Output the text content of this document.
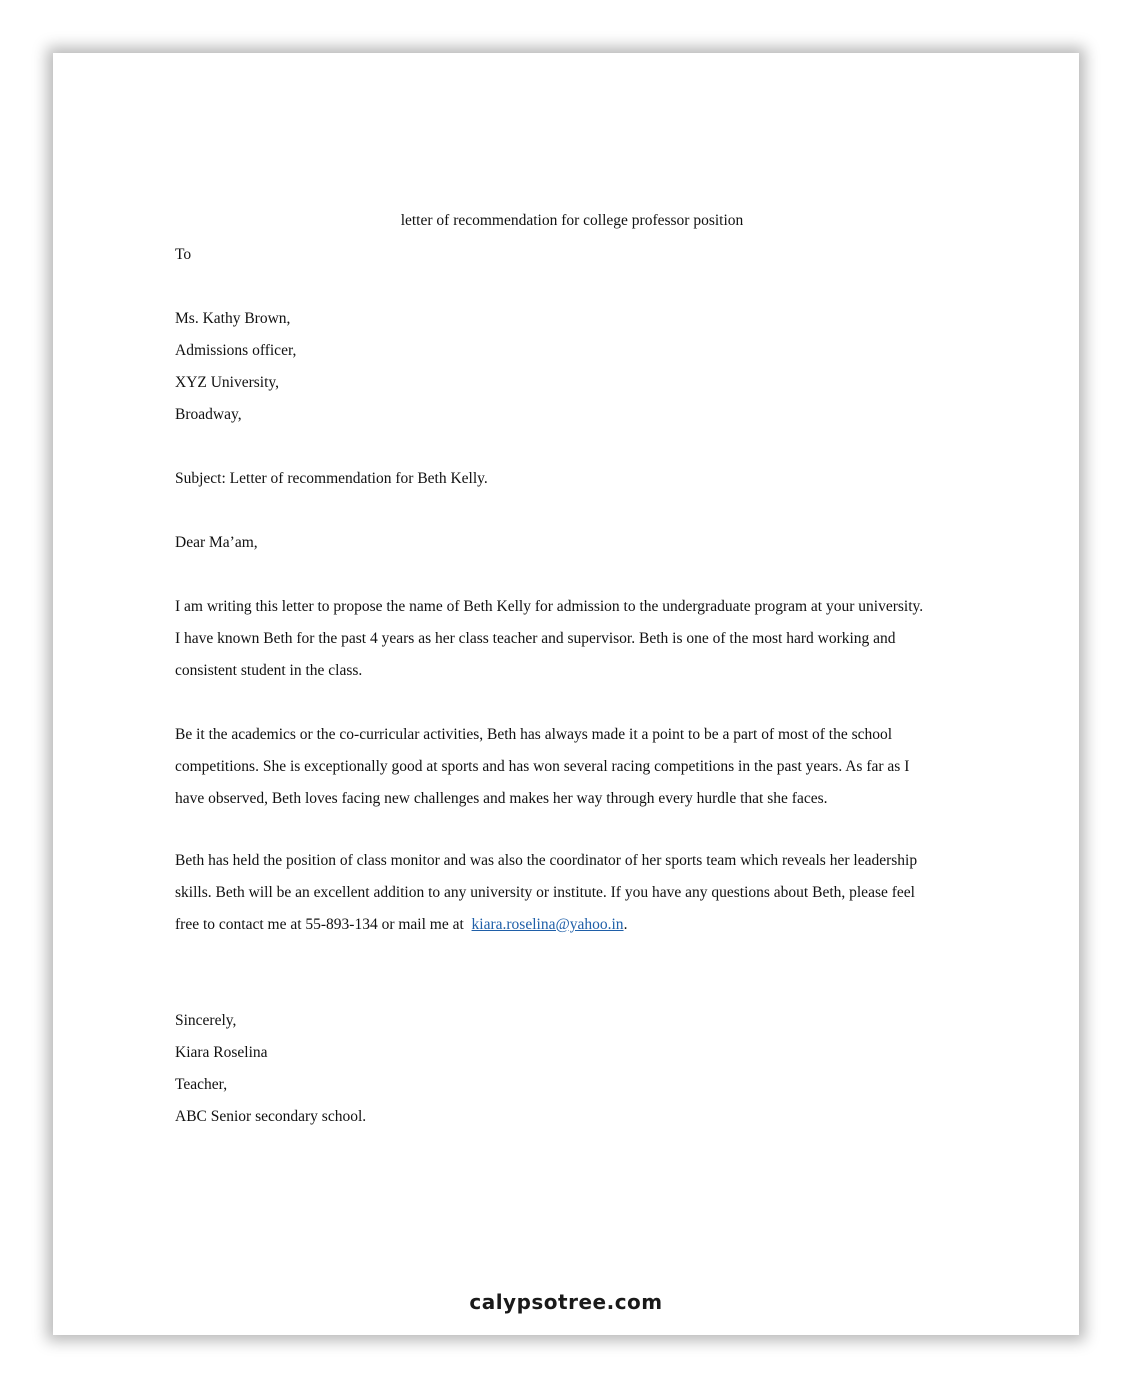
letter of recommendation for college professor position

To

Ms. Kathy Brown,

Admissions officer,

XYZ University,

Broadway,

Subject: Letter of recommendation for Beth Kelly.

Dear Ma’am,

I am writing this letter to propose the name of Beth Kelly for admission to the undergraduate program at your university.

I have known Beth for the past 4 years as her class teacher and supervisor. Beth is one of the most hard working and

consistent student in the class.

Be it the academics or the co-curricular activities, Beth has always made it a point to be a part of most of the school

competitions. She is exceptionally good at sports and has won several racing competitions in the past years. As far as I

have observed, Beth loves facing new challenges and makes her way through every hurdle that she faces.

Beth has held the position of class monitor and was also the coordinator of her sports team which reveals her leadership

skills. Beth will be an excellent addition to any university or institute. If you have any questions about Beth, please feel

free to contact me at 55-893-134 or mail me at kiara.roselina@yahoo.in.

Sincerely,

Kiara Roselina

Teacher,

ABC Senior secondary school.

calypsotree.com
